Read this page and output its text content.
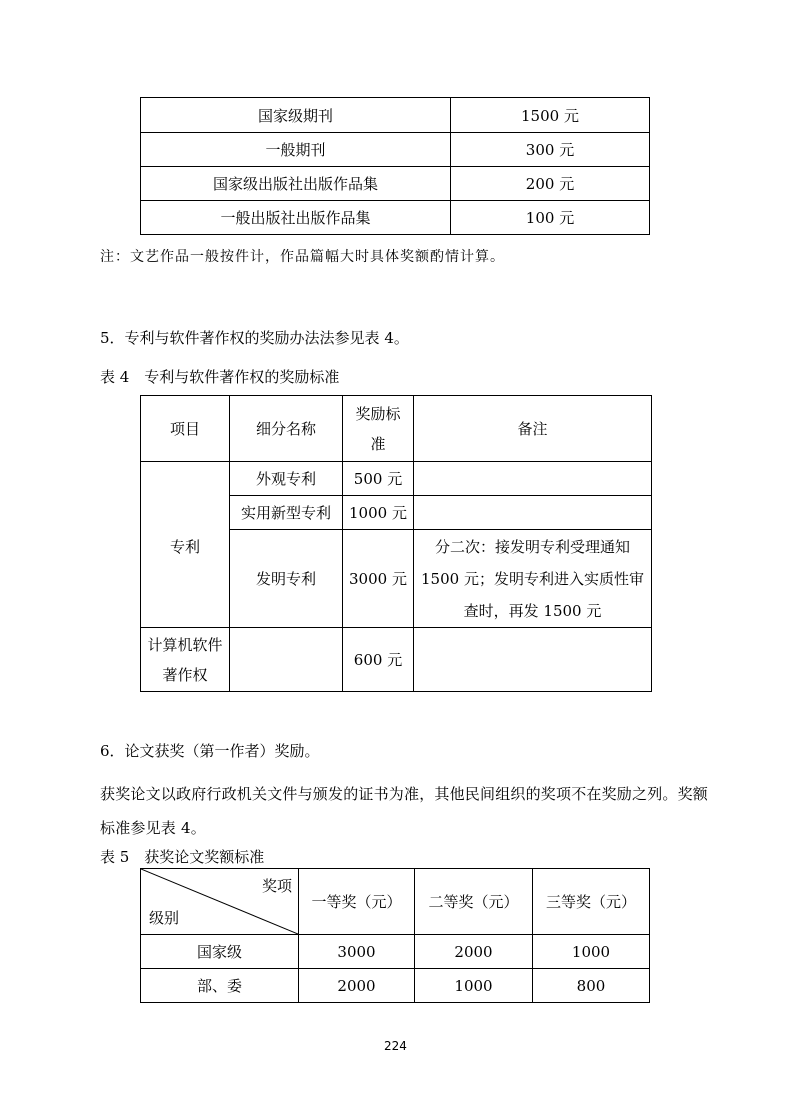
国家级期刊	1500 元
一般期刊	300 元
国家级出版社出版作品集	200 元
一般出版社出版作品集	100 元
注：文艺作品一般按件计，作品篇幅大时具体奖额酌情计算。
5．专利与软件著作权的奖励办法法参见表 4。
表 4　专利与软件著作权的奖励标准
项目	细分名称	奖励标准	备注
专利	外观专利	500 元	
	实用新型专利	1000 元	
	发明专利	3000 元	分二次：接发明专利受理通知 1500 元；发明专利进入实质性审查时，再发 1500 元

计算机软件著作权		600 元	
6．论文获奖（第一作者）奖励。
获奖论文以政府行政机关文件与颁发的证书为准，其他民间组织的奖项不在奖励之列。奖额标准参见表 4。
表 5　获奖论文奖额标准
奖项
级别	一等奖（元）	二等奖（元）	三等奖（元）
国家级	3000	2000	1000
部、委	2000	1000	800
224
